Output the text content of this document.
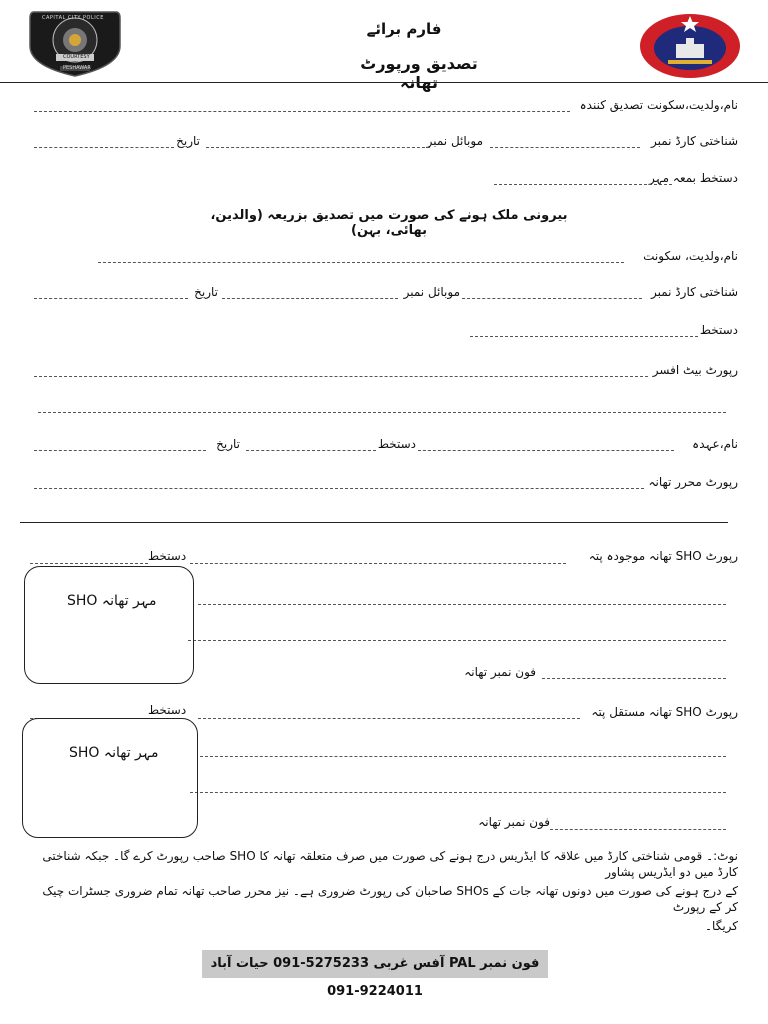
CAPITAL CITY POLICE
COURTESY
PESHAWAR
فارم برائے
تصدیق ورپورٹ تھانہ
نام،ولدیت،سکونت تصدیق کنندہ
شناختی کارڈ نمبر
موبائل نمبر
تاریخ
دستخط بمعہ مہر
بیرونی ملک ہونے کی صورت میں تصدیق بزریعہ (والدین، بھائی، بہن)
نام،ولدیت، سکونت
شناختی کارڈ نمبر
موبائل نمبر
تاریخ
دستخط
رپورٹ بیٹ افسر
نام،عہدہ
دستخط
تاریخ
رپورٹ محرر تھانہ
رپورٹ SHO تھانہ موجودہ پتہ
دستخط
مہر تھانہ SHO
فون نمبر تھانہ
رپورٹ SHO تھانہ مستقل پتہ
دستخط
مہر تھانہ SHO
فون نمبر تھانہ
نوٹ:۔ قومی شناختی کارڈ میں علاقہ کا ایڈریس درج ہونے کی صورت میں صرف متعلقہ تھانہ کا SHO صاحب رپورٹ کرے گا۔ جبکہ شناختی کارڈ میں دو ایڈریس پشاور
کے درج ہونے کی صورت میں دونوں تھانہ جات کے SHOs صاحبان کی رپورٹ ضروری ہے۔ نیز محرر صاحب تھانہ تمام ضروری جسٹرات چیک کر کے رپورٹ
کریگا۔
فون نمبر PAL آفس غربی 5275233-091 حیات آباد 9224011-091
